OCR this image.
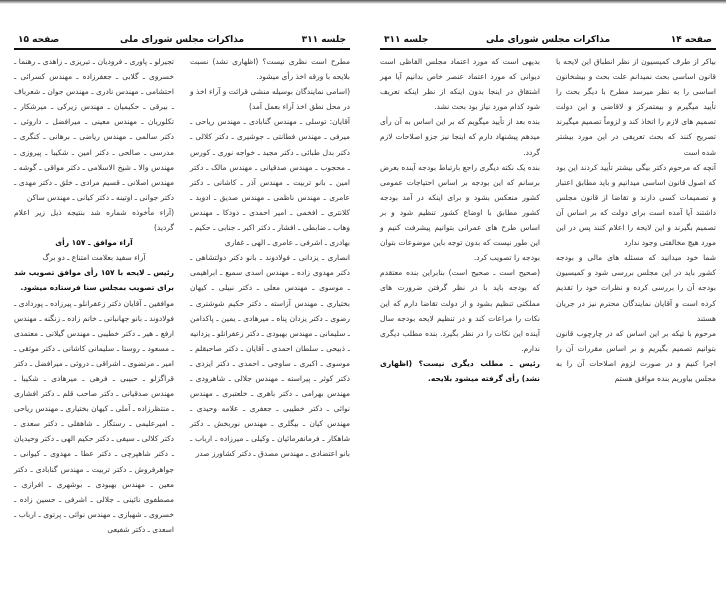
جلسه ۳۱۱
مذاکرات مجلس شورای ملی
صفحه ۱۵

مطرح است نظری نیست؟ (اظهاری نشد) نسبت بلایحه با ورقه اخذ رأی میشود.

(اسامی نمایندگان بوسیله منشی قرائت و آراء اخذ و در محل نطق اخذ آراء بعمل آمد)

آقایان: توسلی ـ مهندس گنابادی ـ مهندس ریاحی ـ میرفی ـ مهندس فطانتی ـ جوشیری ـ دکتر کلالی ـ دکتر بدل طبائی ـ دکتر مجید ـ خواجه نوری ـ کورس ـ محجوب ـ مهندس صدقیانی ـ مهندس مالک ـ دکتر امین ـ بانو تربیت ـ مهندس آذر ـ کاشانی ـ دکتر عامری ـ مهندس ناظمی ـ مهندس صدیق ـ ادوید ـ کلانتری ـ افخمی ـ امیر احمدی ـ دودکا ـ مهندس وهاب ـ ضابطی ـ افشار ـ دکتر اکبر ـ جنابی ـ حکیم ـ بهادری ـ اشرفی ـ عامری ـ الهی ـ غفاری

انصاری ـ یزدانی ـ فولادوند ـ بانو دکتر دولتشاهی ـ دکتر مهدوی زاده ـ مهندس اسدی سمیع ـ ابراهیمی ـ موسوی ـ مهندس معلی ـ دکتر نبیلی ـ کیهان بختیاری ـ مهندس آزاسته ـ دکتر حکیم شوشتری ـ رضوی ـ دکتر یزدان پناه ـ میرهادی ـ یمین ـ پاکدامن ـ سلیمانی ـ مهندس بهبودی ـ دکتر زعفرانلو ـ یزدانیه ـ ذبیحی ـ سلطان احمدی ـ آقایان ـ دکتر صاحبقلم ـ موسوی ـ اکبری ـ ساوجی ـ احمدی ـ دکتر ایزدی ـ دکتر کوثر ـ پیراسته ـ مهندس جلالی ـ شاهرودی ـ مهندس بهرامی ـ دکتر باهری ـ خلعتبری ـ مهندس نوائی ـ دکتر خطیبی ـ جعفری ـ علامه وحیدی ـ مهندس کیان ـ بیگلری ـ مهندس نوربخش ـ دکتر شاهکار ـ فرمانفرمائیان ـ وکیلی ـ میرزاده ـ ارباب ـ بانو اعتضادی ـ مهندس مصدق ـ دکتر کشاورز صدر

تجیرلو ـ پاوری ـ فرودیان ـ تبریزی ـ زاهدی ـ رهنما ـ خسروی ـ گلابی ـ جعفرزاده ـ مهندس کسرائی ـ احتشامی ـ مهندس نادری ـ مهندس جوان ـ شعرباف ـ بیرقی ـ حکیمیان ـ مهندس زیرکی ـ میرشکار ـ تکلوریان ـ مهندس معینی ـ میرافضل ـ داروئی ـ دکتر سالمی ـ مهندس ریاضی ـ برهانی ـ کنگری ـ مدرسی ـ صالحی ـ دکتر امین ـ شکیبا ـ پیروزی ـ مهندس والا ـ شیخ الاسلامی ـ دکتر مواقی ـ گوشه ـ مهندس اصلانی ـ قسیم مرادی ـ خلق ـ دکتر مهدی ـ دکتر جوانی ـ اوتینه ـ دکتر کیانی ـ مهندس ساکن

(آراء مأخوذه شماره شد بنتیجه ذیل زیر اعلام گردید)

آراء موافق ـ ۱۵۷ رأی

آراء سفید بعلامت امتناع ـ دو برگ

رئیس ـ لایحه با ۱۵۷ رأی موافق تصویب شد برای تصویب بمجلس سنا فرستاده میشود.

موافقین ـ آقایان دکتر زعفرانلو ـ پیرزاده ـ پوردادی ـ فولادوند ـ بانو جهانبانی ـ خانم زاده ـ زنگنه ـ مهندس ارفع ـ هیر ـ دکتر خطیبی ـ مهندس گیلانی ـ معتمدی ـ مسعود ـ روستا ـ سلیمانی کاشانی ـ دکتر موثقی ـ امیر ـ مرتضوی ـ اشراقی ـ دروئی ـ میرافضل ـ دکتر قراگزلو ـ حبیبی ـ فرهی ـ میرهادی ـ شکیبا ـ مهندس صدقیانی ـ دکتر صاحب قلم ـ دکتر افشاری ـ منتظرزاده ـ آملی ـ کیهان بختیاری ـ مهندس ریاحی ـ امیرعلیمی ـ رستگار ـ شاهقلی ـ دکتر سعدی ـ دکتر کلالی ـ سیفی ـ دکتر حکیم الهی ـ دکتر وحیدیان ـ دکتر شاهپرچی ـ دکتر عطا ـ مهدوی ـ کیوانی ـ جواهرفروش ـ دکتر تربیت ـ مهندس گنابادی ـ دکتر معین ـ مهندس بهبودی ـ بوشهری ـ افرازی ـ مصطفوی نائینی ـ جلالی ـ اشرفی ـ حسین زاده ـ خسروی ـ شهبازی ـ مهندس نوائی ـ پرتوی ـ ارباب ـ اسعدی ـ دکتر شفیعی

صفحه ۱۴
مذاکرات مجلس شورای ملی
جلسه ۳۱۱

بیاکر از طرف کمیسیون از نظر انطباق این لایحه با قانون اساسی بحث نمیدانم علت بحث و بیشخانون اساسی را به نظر میرسد مطرح با دیگر بحث را تأیید میگیرم و بیمتمرکز و لاقاضی و این دولت تصمیم های لازم را اتخاذ کند و لزوماً تصمیم میگیرند تصریح کنند که بحث تعریفی در این مورد بیشتر شده است

آنچه که مرحوم دکتر بیگی بیشتر تأیید کردند این بود که اصول قانون اساسی میدانیم و باید مطابق اعتبار و تصمیمات کسی دارند و تقاضا از قانون مجلس داشتند آیا آمده است برای دولت که بر اساس آن تصمیم بگیرند و این لایحه را اعلام کنند پس در این مورد هیچ مخالفتی وجود ندارد

شما خود میدانید که مسئله های مالی و بودجه کشور باید در این مجلس بررسی شود و کمیسیون بودجه آن را بررسی کرده و نظرات خود را تقدیم کرده است و آقایان نمایندگان محترم نیز در جریان هستند

مرحوم با تیکه بر این اساس که در چارچوب قانون بتوانیم تصمیم بگیریم و بر اساس مقررات آن را اجرا کنیم و در صورت لزوم اصلاحات آن را به مجلس بیاوریم بنده موافق هستم

بدیهی است که مورد اعتماد مجلس الفاظی است دیوانی که مورد اعتماد عنصر خاص بدانیم آیا مهر اشتقاق در اینجا بدون اینکه از نظر اینکه تعریف شود کدام مورد نیاز بود بحث نشد.

بنده بعد از تأیید میگویم که بر این اساس به آن رأی میدهم پیشنهاد دارم که اینجا نیز جزو اصلاحات لازم گردد.

بنده یک نکته دیگری راجع بارتباط بودجه آینده بعرض برسانم که این بودجه بر اساس احتیاجات عمومی کشور منعکس بشود و برای اینکه در آمد بودجه کشور مطابق با اوضاع کشور تنظیم شود و بر اساس طرح های عمرانی بتوانیم پیشرفت کنیم و این طور نیست که بدون توجه باین موضوعات بتوان بودجه را تصویب کرد.

(صحیح است ـ صحیح است) بنابراین بنده معتقدم که بودجه باید با در نظر گرفتن ضرورت های مملکتی تنظیم بشود و از دولت تقاضا دارم که این نکات را مراعات کند و در تنظیم لایحه بودجه سال آینده این نکات را در نظر بگیرد. بنده مطلب دیگری ندارم.

رئیس ـ مطلب دیگری نیست؟ (اظهاری نشد) رأی گرفته میشود بلایحه.
